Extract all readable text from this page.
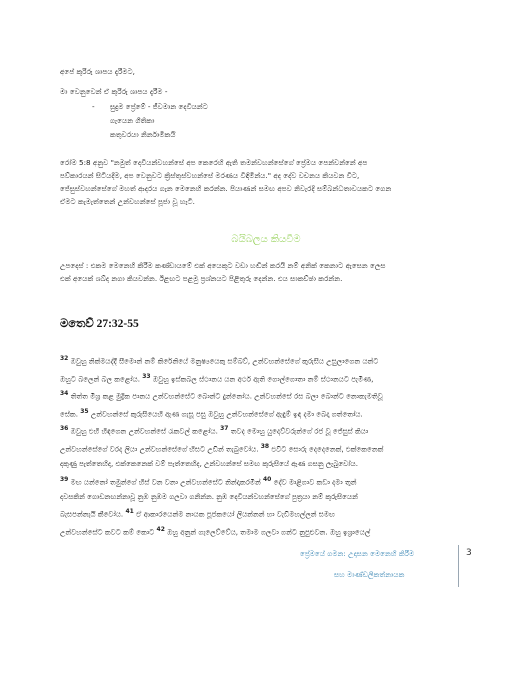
අපේ කුරිරු ශාපය දැරීමට,
මා වෙනුවෙන් ඒ කුරිරු ශාපය දැරීම -
- සුදුම ප්‍රේමේ - ජීවමාන දෙවියන්ට
ගැයෙන ගීතිකා
කතුවරයා නිර්නාමිකයි
රෝම 5:8 අනුව "නමුත් දෙවියන්වහන්සේ අප කෙරෙහි ඇති තමන්වහන්සේගේ ප්‍රේමය පෙන්වන්නේ අප
පව්කාරයන් සිටියදීම, අප වෙනුවට ක්‍රිස්තුස්වහන්සේ මරණය විඳිමින්ය." අද දේව වචනය කියවන විට,
ජේසුස්වහන්සේගේ මහත් ආදරය ගැන මෙනෙහි කරන්න. පියාණන් සමඟ අපව නිවැරදි සම්බන්ධතාවයකට ගෙන
ඒමට කැමැත්තෙන් උන්වහන්සේ පූජා වූ හැටි.
බයිබලය කියවීම
උපදෙස් : එකම මෙනෙහි කිරීම කණ්ඩායමේ එක් අයෙකුට වඩා හඬින් කරයි නම් අනික් කෙනාට ඇසෙන ලෙස
එක් අයෙක් ශබ්ද නගා කියවන්න. ඊළඟට පළමු ප්‍රශ්නයට පිළිතුරු දෙන්න. එය සාකච්ඡා කරන්න.
මතෙව් 27:32-55

$^{32}$ ඔවුහු නික්මයද්දී සීමොන් නම් කිරේනියේ මනුෂ්‍යයෙකු සම්බව්, උන්වහන්සේගේ කුරුසිය උසුලාගෙන යන්ට

ඔහුට බලෙන් බල කළෝය. $^{33}$ ඔවුහු ඉස්කබල ස්ථානය යන අර්ථ ඇති ගොල්ගොතා නම් ස්ථානයට පැමිණ,

$^{34}$ තිත්ත මිශ්‍ර කළ මුද්‍රික පානය උන්වහන්සේට බොන්ට දුන්නෝය. උන්වහන්සේ රස බලා බොන්ට නොකැමතිවූ

සේක. $^{35}$ උන්වහන්සේ කුරුසියෙහි ඇණ ගැසූ පසු ඔවුහු උන්වහන්සේගේ ඇඳුම් ඉඳ දමා බෙදා ගත්තෝය.

$^{36}$ ඔවුහු එහි හිඳගෙන උන්වහන්සේ රැකවල් කළෝය. $^{37}$ තවද මොහු යුදෙව්වරුන්ගේ රජ වූ ජේසුස් කියා

උන්වහන්සේගේ වරද ලියා උන්වහන්සේගේ හිසට උඩින් තැබුවෝය. $^{38}$ එවිට සොරු දෙදෙනෙක්, එක්කෙනෙක්

දකුණු පැත්තෙහිද, එක්කෙනෙක් වම් පැත්තෙහිද, උන්වහන්සේ සමඟ කුරුසියේ ඇණ ගසනු ලැබුවෝය.

$^{39}$ මඟ යන්නෝ තමුන්ගේ හිස් වන වනා උන්වහන්සේට නින්දාකරමින් $^{40}$ දේව මාළිගාව කඩා දමා තුන්

දවසකින් ගොඩනඟන්නාවූ නුඹ නුඹම ගලවා ගනින්න. නුඹ දෙවියන්වහන්සේගේ පුත්‍රයා නම් කුරුසියෙන්

බැසපන්නැයි කීවෝය. $^{41}$ ඒ ආකාරයෙන්ම නායක පූජකයෝ ලියන්නන් හා වැඩිමහල්ලන් සමඟ

උන්වහන්සේට කවට කම් කොට $^{42}$ ඔහු අනුන් ගැලෙව්වේය, තමාම ගලවා ගන්ට නුපුළුවන. ඔහු ඉශ්‍රායෙල්

ප්‍රේමයේ ගමන: උදාසන මෙනෙහි කිරීම
සහ මාණ්ඩලිකත්නායක
3
